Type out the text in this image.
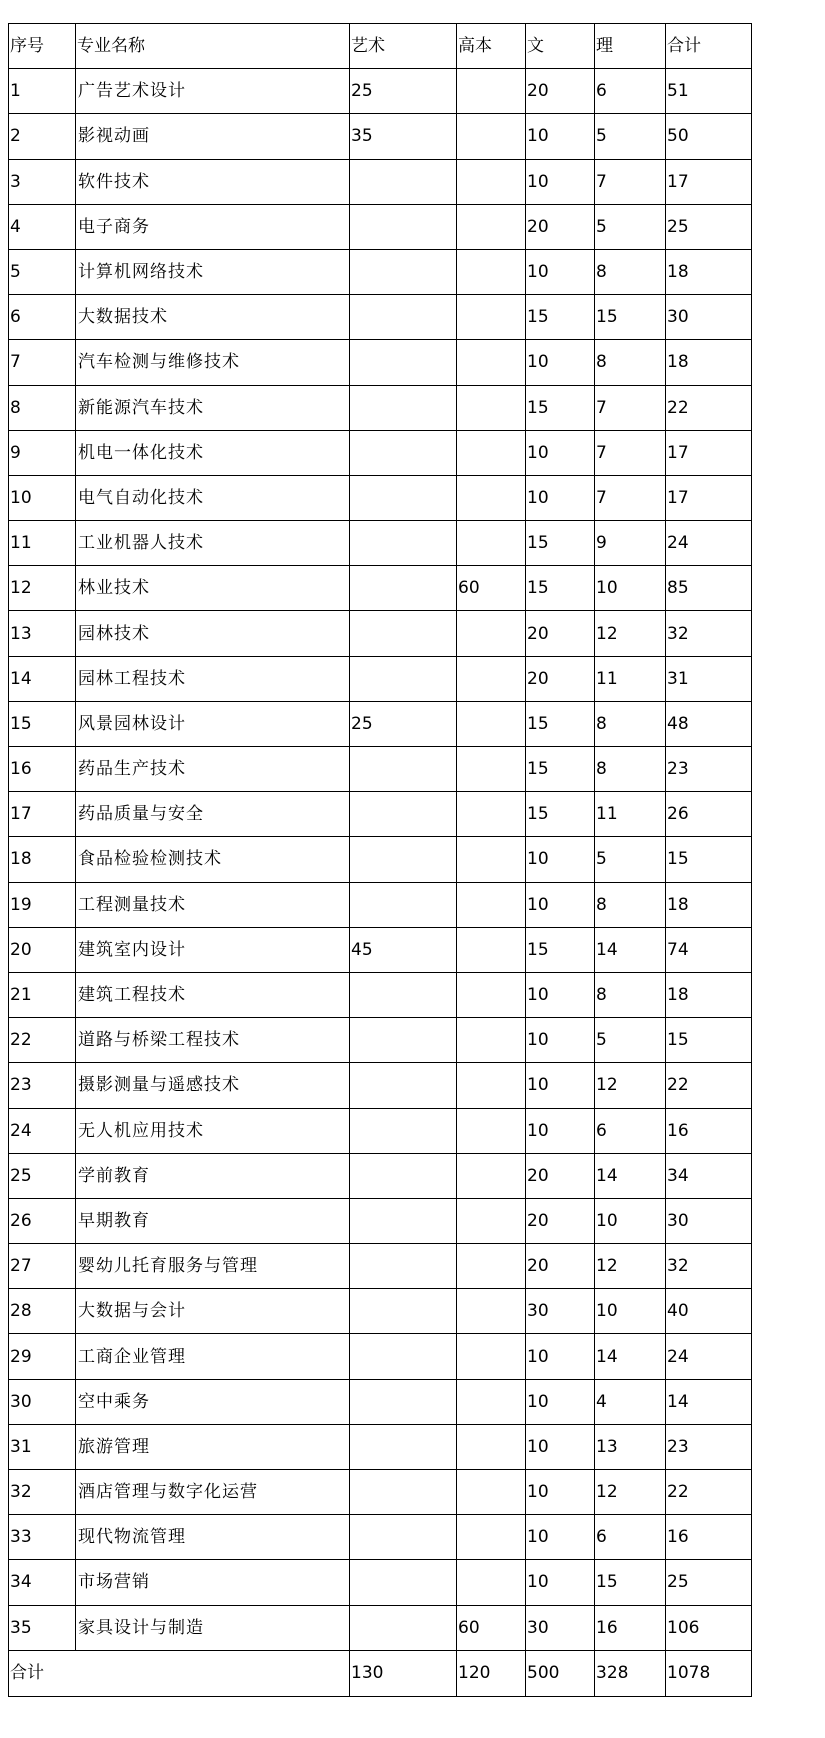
序号	专业名称	艺术	高本	文	理	合计
1	广告艺术设计	25		20	6	51
2	影视动画	35		10	5	50
3	软件技术			10	7	17
4	电子商务			20	5	25
5	计算机网络技术			10	8	18
6	大数据技术			15	15	30
7	汽车检测与维修技术			10	8	18
8	新能源汽车技术			15	7	22
9	机电一体化技术			10	7	17
10	电气自动化技术			10	7	17
11	工业机器人技术			15	9	24
12	林业技术		60	15	10	85
13	园林技术			20	12	32
14	园林工程技术			20	11	31
15	风景园林设计	25		15	8	48
16	药品生产技术			15	8	23
17	药品质量与安全			15	11	26
18	食品检验检测技术			10	5	15
19	工程测量技术			10	8	18
20	建筑室内设计	45		15	14	74
21	建筑工程技术			10	8	18
22	道路与桥梁工程技术			10	5	15
23	摄影测量与遥感技术			10	12	22
24	无人机应用技术			10	6	16
25	学前教育			20	14	34
26	早期教育			20	10	30
27	婴幼儿托育服务与管理			20	12	32
28	大数据与会计			30	10	40
29	工商企业管理			10	14	24
30	空中乘务			10	4	14
31	旅游管理			10	13	23
32	酒店管理与数字化运营			10	12	22
33	现代物流管理			10	6	16
34	市场营销			10	15	25
35	家具设计与制造		60	30	16	106
合计		130	120	500	328	1078
